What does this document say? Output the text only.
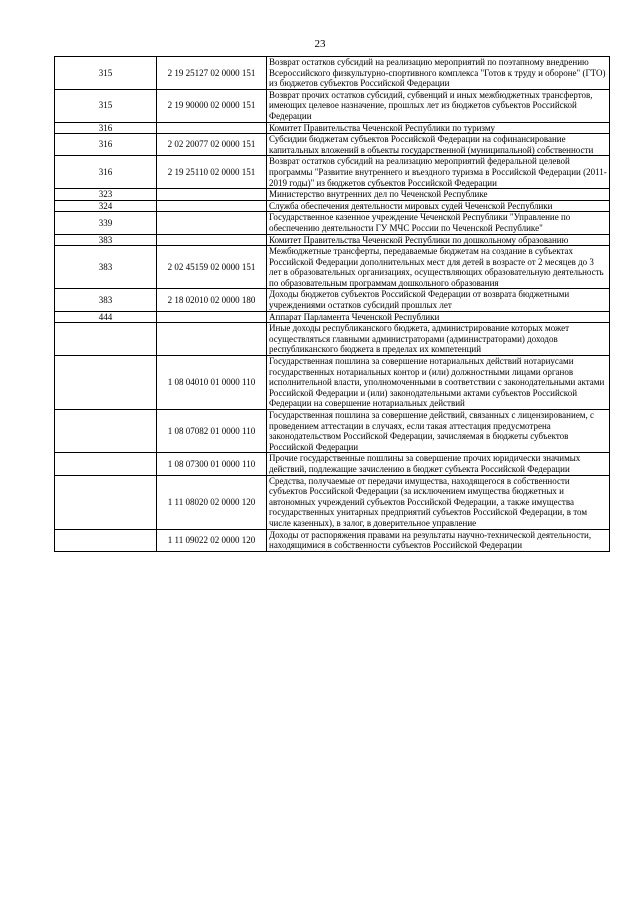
23
315	2 19 25127 02 0000 151	Возврат остатков субсидий на реализацию мероприятий по поэтапному внедрению Всероссийского физкультурно-спортивного комплекса "Готов к труду и обороне" (ГТО) из бюджетов субъектов Российской Федерации
315	2 19 90000 02 0000 151	Возврат прочих остатков субсидий, субвенций и иных межбюджетных трансфертов, имеющих целевое назначение, прошлых лет из бюджетов субъектов Российской Федерации
316		Комитет Правительства Чеченской Республики по туризму
316	2 02 20077 02 0000 151	Субсидии бюджетам субъектов Российской Федерации на софинансирование капитальных вложений в объекты государственной (муниципальной) собственности
316	2 19 25110 02 0000 151	Возврат остатков субсидий на реализацию мероприятий федеральной целевой программы "Развитие внутреннего и въездного туризма в Российской Федерации (2011-2019 годы)" из бюджетов субъектов Российской Федерации
323		Министерство внутренних дел по Чеченской Республике
324		Служба обеспечения деятельности мировых судей Чеченской Республики
339		Государственное казенное учреждение Чеченской Республики "Управление по обеспечению деятельности ГУ МЧС России по Чеченской Республике"
383		Комитет Правительства Чеченской Республики по дошкольному образованию
383	2 02 45159 02 0000 151	Межбюджетные трансферты, передаваемые бюджетам на создание в субъектах Российской Федерации дополнительных мест для детей в возрасте от 2 месяцев до 3 лет в образовательных организациях, осуществляющих образовательную деятельность по образовательным программам дошкольного образования
383	2 18 02010 02 0000 180	Доходы бюджетов субъектов Российской Федерации от возврата бюджетными учреждениями остатков субсидий прошлых лет
444		Аппарат Парламента Чеченской Республики
		Иные доходы республиканского бюджета, администрирование которых может осуществляться главными администраторами (администраторами) доходов республиканского бюджета в пределах их компетенций
	1 08 04010 01 0000 110	Государственная пошлина за совершение нотариальных действий нотариусами государственных нотариальных контор и (или) должностными лицами органов исполнительной власти, уполномоченными в соответствии с законодательными актами Российской Федерации и (или) законодательными актами субъектов Российской Федерации на совершение нотариальных действий
	1 08 07082 01 0000 110	Государственная пошлина за совершение действий, связанных с лицензированием, с проведением аттестации в случаях, если такая аттестация предусмотрена законодательством Российской Федерации, зачисляемая в бюджеты субъектов Российской Федерации
	1 08 07300 01 0000 110	Прочие государственные пошлины за совершение прочих юридически значимых действий, подлежащие зачислению в бюджет субъекта Российской Федерации
	1 11 08020 02 0000 120	Средства, получаемые от передачи имущества, находящегося в собственности субъектов Российской Федерации (за исключением имущества бюджетных и автономных учреждений субъектов Российской Федерации, а также имущества государственных унитарных предприятий субъектов Российской Федерации, в том числе казенных), в залог, в доверительное управление
	1 11 09022 02 0000 120	Доходы от распоряжения правами на результаты научно-технической деятельности, находящимися в собственности субъектов Российской Федерации
